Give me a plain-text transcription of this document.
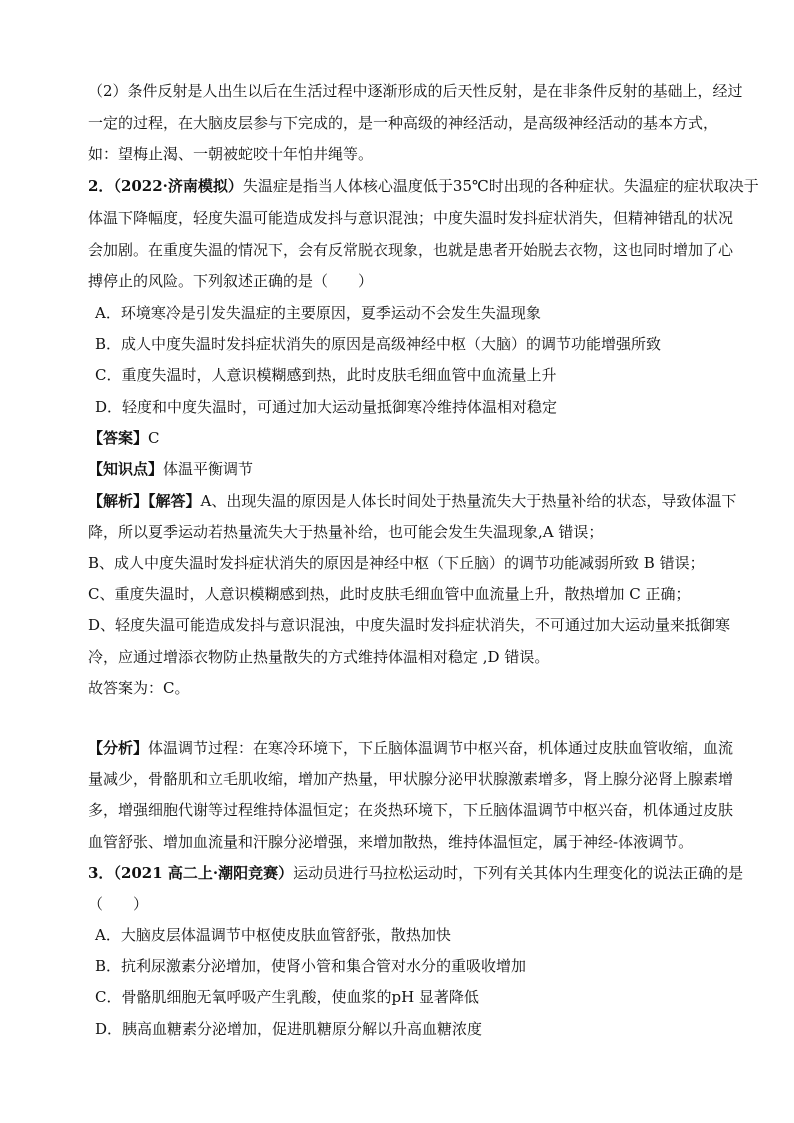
（2）条件反射是人出生以后在生活过程中逐渐形成的后天性反射，是在非条件反射的基础上，经过
一定的过程，在大脑皮层参与下完成的，是一种高级的神经活动，是高级神经活动的基本方式，
如：望梅止渴、一朝被蛇咬十年怕井绳等。
2．（2022·济南模拟）失温症是指当人体核心温度低于35℃时出现的各种症状。失温症的症状取决于
体温下降幅度，轻度失温可能造成发抖与意识混浊；中度失温时发抖症状消失，但精神错乱的状况
会加剧。在重度失温的情况下，会有反常脱衣现象，也就是患者开始脱去衣物，这也同时增加了心
搏停止的风险。下列叙述正确的是（　　）
A．环境寒冷是引发失温症的主要原因，夏季运动不会发生失温现象
B．成人中度失温时发抖症状消失的原因是高级神经中枢（大脑）的调节功能增强所致
C．重度失温时，人意识模糊感到热，此时皮肤毛细血管中血流量上升
D．轻度和中度失温时，可通过加大运动量抵御寒冷维持体温相对稳定
【答案】C
【知识点】体温平衡调节
【解析】【解答】A、出现失温的原因是人体长时间处于热量流失大于热量补给的状态，导致体温下
降，所以夏季运动若热量流失大于热量补给，也可能会发生失温现象,A 错误；
B、成人中度失温时发抖症状消失的原因是神经中枢（下丘脑）的调节功能减弱所致 B 错误；
C、重度失温时，人意识模糊感到热，此时皮肤毛细血管中血流量上升，散热增加 C 正确；
D、轻度失温可能造成发抖与意识混浊，中度失温时发抖症状消失，不可通过加大运动量来抵御寒
冷，应通过增添衣物防止热量散失的方式维持体温相对稳定 ,D 错误。
故答案为：C。
【分析】体温调节过程：在寒冷环境下，下丘脑体温调节中枢兴奋，机体通过皮肤血管收缩，血流
量减少，骨骼肌和立毛肌收缩，增加产热量，甲状腺分泌甲状腺激素增多，肾上腺分泌肾上腺素增
多，增强细胞代谢等过程维持体温恒定；在炎热环境下，下丘脑体温调节中枢兴奋，机体通过皮肤
血管舒张、增加血流量和汗腺分泌增强，来增加散热，维持体温恒定，属于神经-体液调节。
3．（2021 高二上·潮阳竞赛）运动员进行马拉松运动时，下列有关其体内生理变化的说法正确的是
（　　）
A．大脑皮层体温调节中枢使皮肤血管舒张，散热加快
B．抗利尿激素分泌增加，使肾小管和集合管对水分的重吸收增加
C．骨骼肌细胞无氧呼吸产生乳酸，使血浆的pH 显著降低
D．胰高血糖素分泌增加，促进肌糖原分解以升高血糖浓度
